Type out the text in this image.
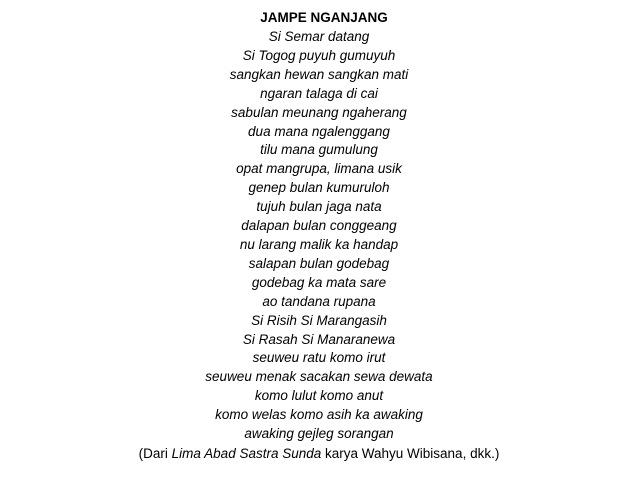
JAMPE NGANJANG

Si Semar datang
Si Togog puyuh gumuyuh
sangkan hewan sangkan mati
ngaran talaga di cai
sabulan meunang ngaherang
dua mana ngalenggang
tilu mana gumulung
opat mangrupa, limana usik
genep bulan kumuruloh
tujuh bulan jaga nata
dalapan bulan conggeang
nu larang malik ka handap
salapan bulan godebag
godebag ka mata sare
ao tandana rupana
Si Risih Si Marangasih
Si Rasah Si Manaranewa
seuweu ratu komo irut
seuweu menak sacakan sewa dewata
komo lulut komo anut
komo welas komo asih ka awaking
awaking gejleg sorangan

(Dari Lima Abad Sastra Sunda karya Wahyu Wibisana, dkk.)
